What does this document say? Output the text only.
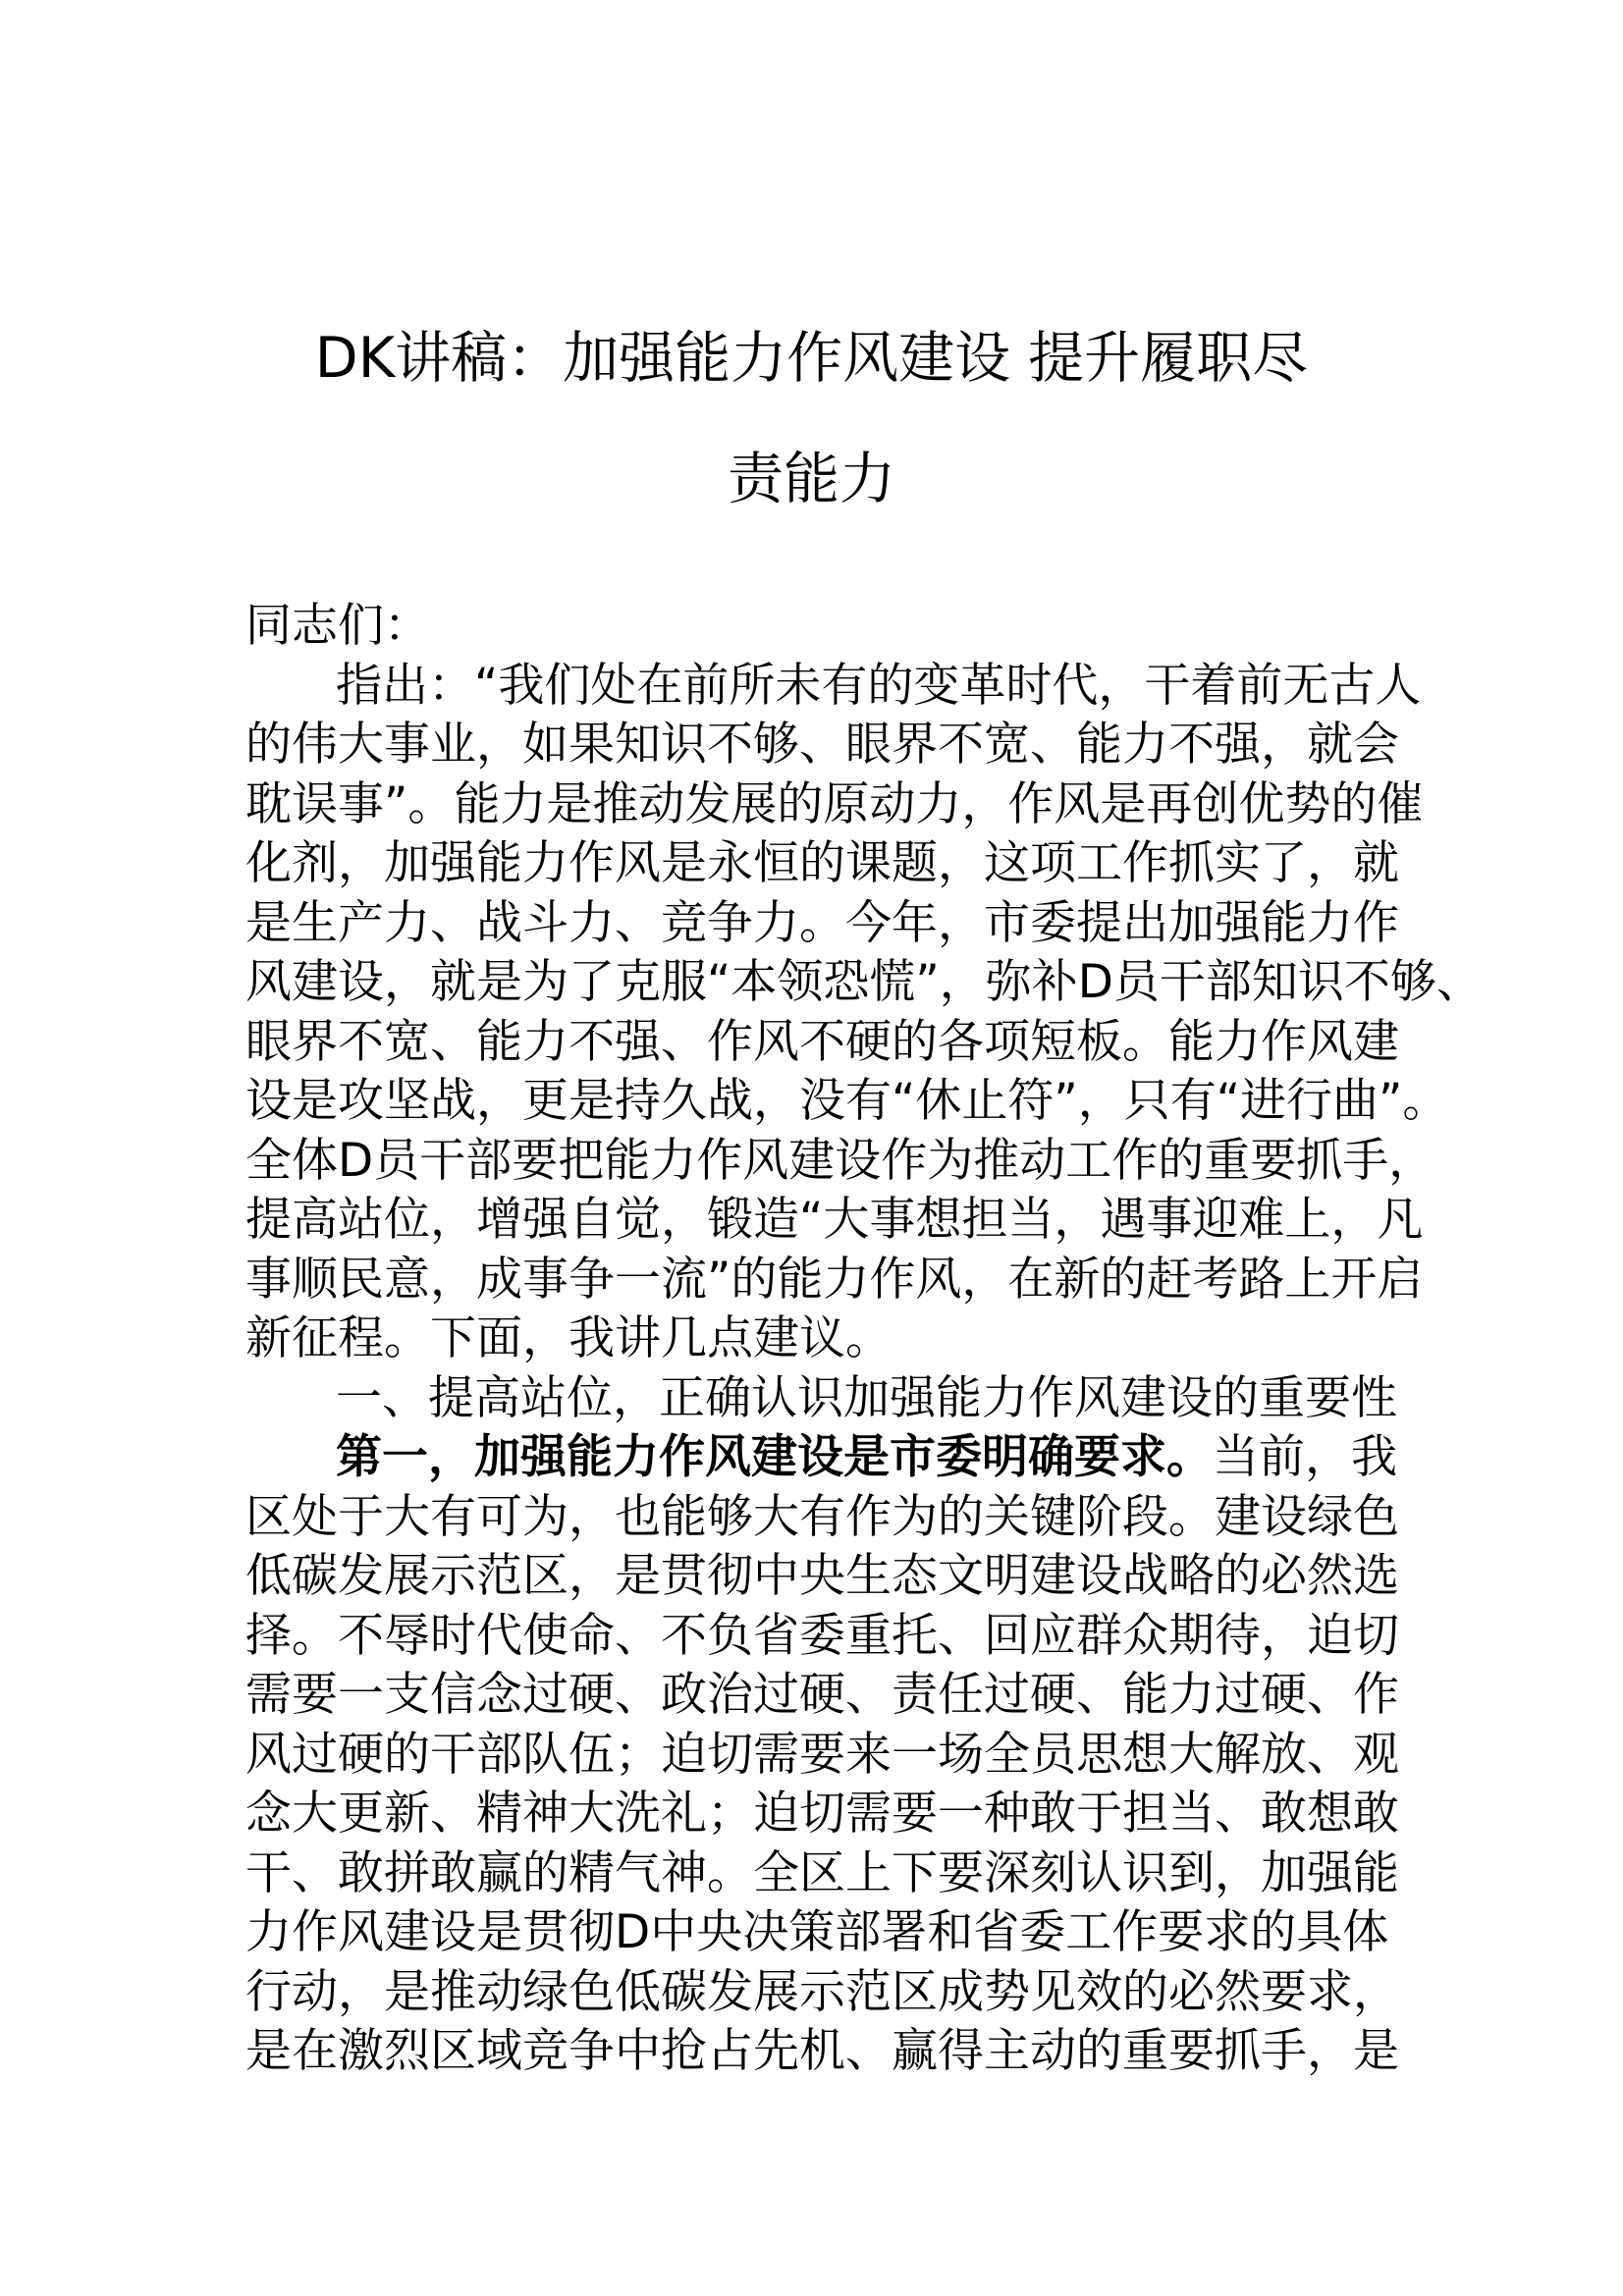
DK讲稿：加强能力作风建设 提升履职尽
责能力
同志们：
指出：“我们处在前所未有的变革时代，干着前无古人
的伟大事业，如果知识不够、眼界不宽、能力不强，就会
耽误事”。能力是推动发展的原动力，作风是再创优势的催
化剂，加强能力作风是永恒的课题，这项工作抓实了，就
是生产力、战斗力、竞争力。今年，市委提出加强能力作
风建设，就是为了克服“本领恐慌”，弥补D员干部知识不够、
眼界不宽、能力不强、作风不硬的各项短板。能力作风建
设是攻坚战，更是持久战，没有“休止符”，只有“进行曲”。
全体D员干部要把能力作风建设作为推动工作的重要抓手，
提高站位，增强自觉，锻造“大事想担当，遇事迎难上，凡
事顺民意，成事争一流”的能力作风，在新的赶考路上开启
新征程。下面，我讲几点建议。
一、提高站位，正确认识加强能力作风建设的重要性
第一，加强能力作风建设是市委明确要求。当前，我
区处于大有可为，也能够大有作为的关键阶段。建设绿色
低碳发展示范区，是贯彻中央生态文明建设战略的必然选
择。不辱时代使命、不负省委重托、回应群众期待，迫切
需要一支信念过硬、政治过硬、责任过硬、能力过硬、作
风过硬的干部队伍；迫切需要来一场全员思想大解放、观
念大更新、精神大洗礼；迫切需要一种敢于担当、敢想敢
干、敢拼敢赢的精气神。全区上下要深刻认识到，加强能
力作风建设是贯彻D中央决策部署和省委工作要求的具体
行动，是推动绿色低碳发展示范区成势见效的必然要求，
是在激烈区域竞争中抢占先机、赢得主动的重要抓手，是
